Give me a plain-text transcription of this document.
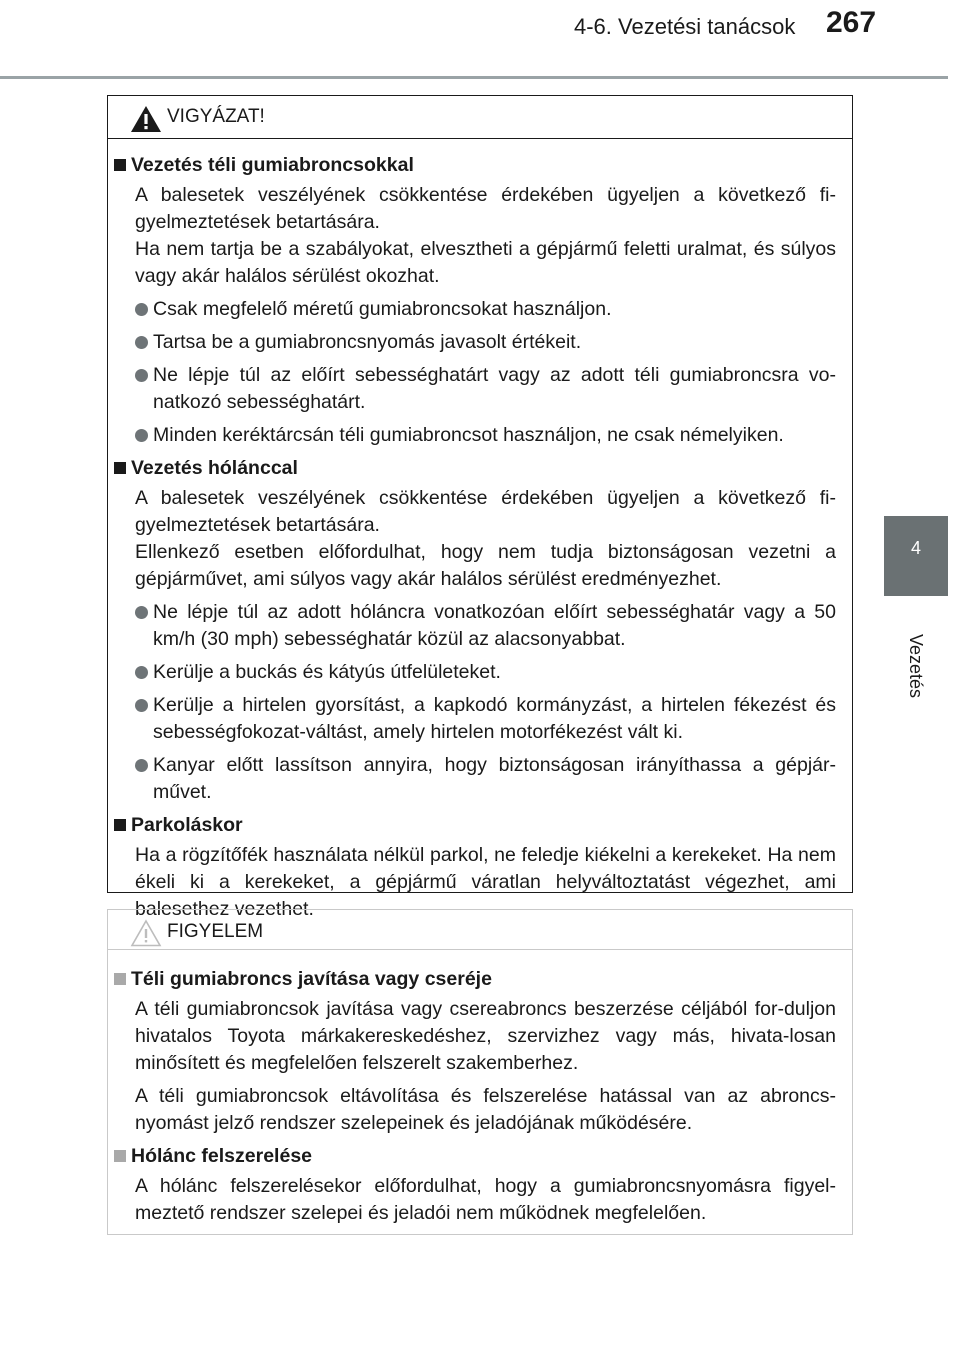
4-6. Vezetési tanácsok 267
4
Vezetés
VIGYÁZAT!
Vezetés téli gumiabroncsokkal
A balesetek veszélyének csökkentése érdekében ügyeljen a következő fi-gyelmeztetések betartására.
Ha nem tartja be a szabályokat, elvesztheti a gépjármű feletti uralmat, és súlyos vagy akár halálos sérülést okozhat.
Csak megfelelő méretű gumiabroncsokat használjon.
Tartsa be a gumiabroncsnyomás javasolt értékeit.
Ne lépje túl az előírt sebességhatárt vagy az adott téli gumiabroncsra vo-natkozó sebességhatárt.
Minden keréktárcsán téli gumiabroncsot használjon, ne csak némelyiken.
Vezetés hólánccal
A balesetek veszélyének csökkentése érdekében ügyeljen a következő fi-gyelmeztetések betartására.
Ellenkező esetben előfordulhat, hogy nem tudja biztonságosan vezetni a gépjárművet, ami súlyos vagy akár halálos sérülést eredményezhet.
Ne lépje túl az adott hóláncra vonatkozóan előírt sebességhatár vagy a 50 km/h (30 mph) sebességhatár közül az alacsonyabbat.
Kerülje a buckás és kátyús útfelületeket.
Kerülje a hirtelen gyorsítást, a kapkodó kormányzást, a hirtelen fékezést és sebességfokozat-váltást, amely hirtelen motorfékezést vált ki.
Kanyar előtt lassítson annyira, hogy biztonságosan irányíthassa a gépjár-művet.
Parkoláskor
Ha a rögzítőfék használata nélkül parkol, ne feledje kiékelni a kerekeket. Ha nem ékeli ki a kerekeket, a gépjármű váratlan helyváltoztatást végezhet, ami balesethez vezethet.
FIGYELEM
Téli gumiabroncs javítása vagy cseréje
A téli gumiabroncsok javítása vagy csereabroncs beszerzése céljából for-duljon hivatalos Toyota márkakereskedéshez, szervizhez vagy más, hivata-losan minősített és megfelelően felszerelt szakemberhez.
A téli gumiabroncsok eltávolítása és felszerelése hatással van az abroncs-nyomást jelző rendszer szelepeinek és jeladójának működésére.
Hólánc felszerelése
A hólánc felszerelésekor előfordulhat, hogy a gumiabroncsnyomásra figyel-meztető rendszer szelepei és jeladói nem működnek megfelelően.
